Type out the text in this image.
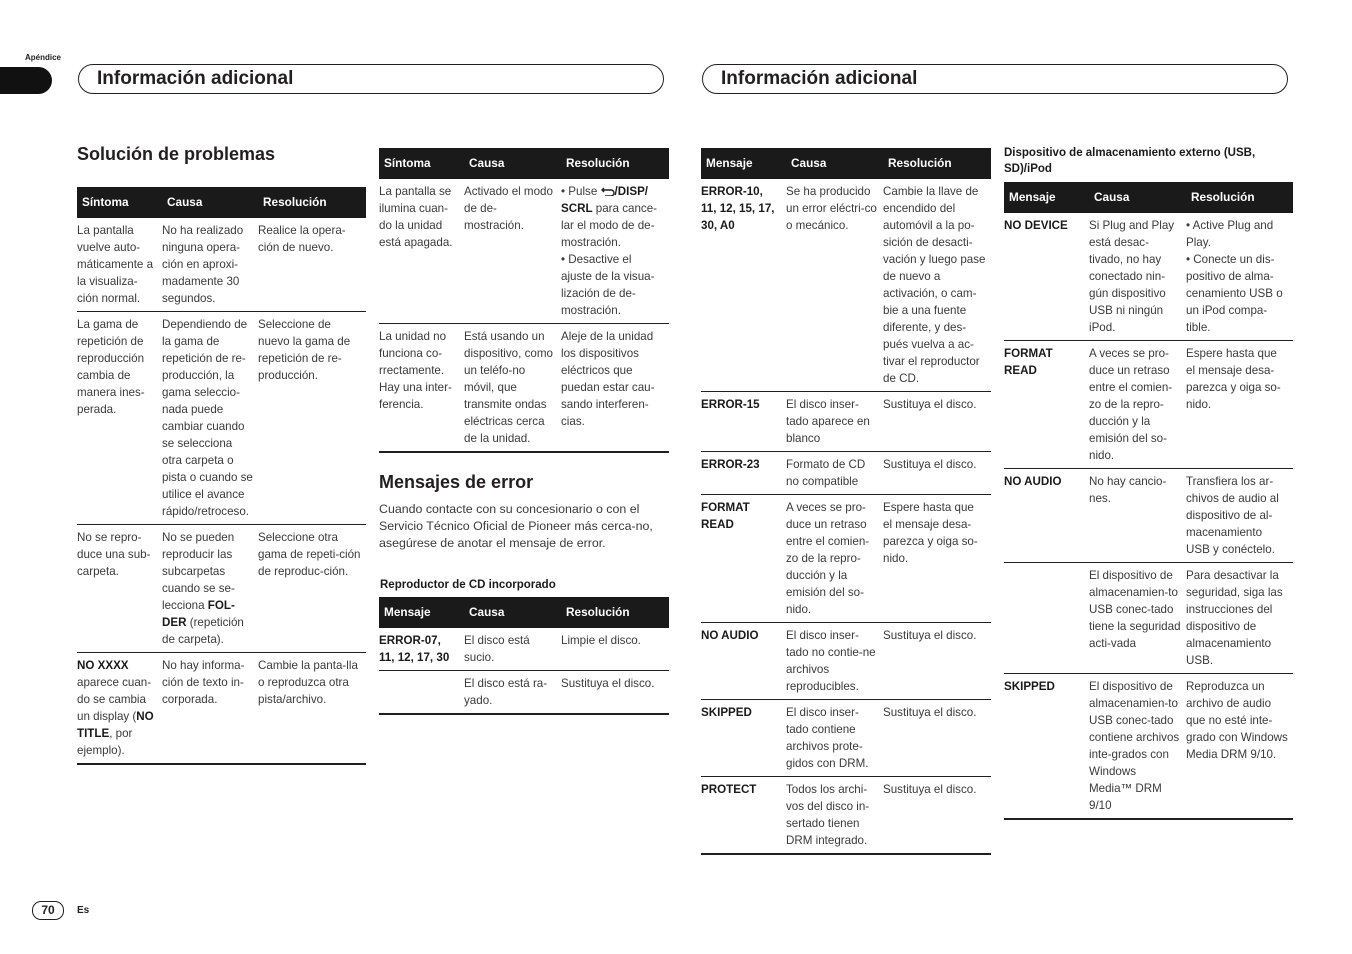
Apéndice
Información adicional	Información adicional
Solución de problemas
Síntoma	Causa	Resolución
La pantalla vuelve auto-máticamente a la visualiza-ción normal.	No ha realizado ninguna opera-ción en aproxi-madamente 30 segundos.	Realice la opera-ción de nuevo.
La gama de repetición de reproducción cambia de manera ines-perada.	Dependiendo de la gama de repetición de re-producción, la gama seleccio-nada puede cambiar cuando se selecciona otra carpeta o pista o cuando se utilice el avance rápido/retroceso.	Seleccione de nuevo la gama de repetición de re-producción.
No se repro-duce una sub-carpeta.	No se pueden reproducir las subcarpetas cuando se se-lecciona FOL-DER (repetición de carpeta).	Seleccione otra gama de repeti-ción de reproduc-ción.
NO XXXX aparece cuan-do se cambia un display (NO TITLE, por ejemplo).	No hay informa-ción de texto in-corporada.	Cambie la panta-lla o reproduzca otra pista/archivo.
Síntoma	Causa	Resolución
La pantalla se ilumina cuan-do la unidad está apagada.	Activado el modo de de-mostración.	• Pulse /DISP/ SCRL para cance-lar el modo de de-mostración.
• Desactive el ajuste de la visua-lización de de-mostración.

La unidad no funciona co-rrectamente. Hay una inter-ferencia.	Está usando un dispositivo, como un teléfo-no móvil, que transmite ondas eléctricas cerca de la unidad.	Aleje de la unidad los dispositivos eléctricos que puedan estar cau-sando interferen-cias.
Mensajes de error
Cuando contacte con su concesionario o con el Servicio Técnico Oficial de Pioneer más cerca-no, asegúrese de anotar el mensaje de error.
Reproductor de CD incorporado
Mensaje	Causa	Resolución
ERROR-07, 11, 12, 17, 30	El disco está sucio.	Limpie el disco.
	El disco está ra-yado.	Sustituya el disco.
Mensaje	Causa	Resolución
ERROR-10, 11, 12, 15, 17, 30, A0	Se ha producido un error eléctri-co o mecánico.	Cambie la llave de encendido del automóvil a la po-sición de desacti-vación y luego pase de nuevo a activación, o cam-bie a una fuente diferente, y des-pués vuelva a ac-tivar el reproductor de CD.
ERROR-15	El disco inser-tado aparece en blanco	Sustituya el disco.
ERROR-23	Formato de CD no compatible	Sustituya el disco.
FORMAT READ	A veces se pro-duce un retraso entre el comien-zo de la repro-ducción y la emisión del so-nido.	Espere hasta que el mensaje desa-parezca y oiga so-nido.
NO AUDIO	El disco inser-tado no contie-ne archivos reproducibles.	Sustituya el disco.
SKIPPED	El disco inser-tado contiene archivos prote-gidos con DRM.	Sustituya el disco.
PROTECT	Todos los archi-vos del disco in-sertado tienen DRM integrado.	Sustituya el disco.
Dispositivo de almacenamiento externo (USB, SD)/iPod
Mensaje	Causa	Resolución
NO DEVICE	Si Plug and Play está desac-tivado, no hay conectado nin-gún dispositivo USB ni ningún iPod.	• Active Plug and Play.
• Conecte un dis-positivo de alma-cenamiento USB o un iPod compa-tible.
FORMAT READ	A veces se pro-duce un retraso entre el comien-zo de la repro-ducción y la emisión del so-nido.	Espere hasta que el mensaje desa-parezca y oiga so-nido.
NO AUDIO	No hay cancio-nes.	Transfiera los ar-chivos de audio al dispositivo de al-macenamiento USB y conéctelo.
	El dispositivo de almacenamien-to USB conec-tado tiene la seguridad acti-vada	Para desactivar la seguridad, siga las instrucciones del dispositivo de almacenamiento USB.
SKIPPED	El dispositivo de almacenamien-to USB conec-tado contiene archivos inte-grados con Windows Media™ DRM 9/10	Reproduzca un archivo de audio que no esté inte-grado con Windows Media DRM 9/10.
70	Es
